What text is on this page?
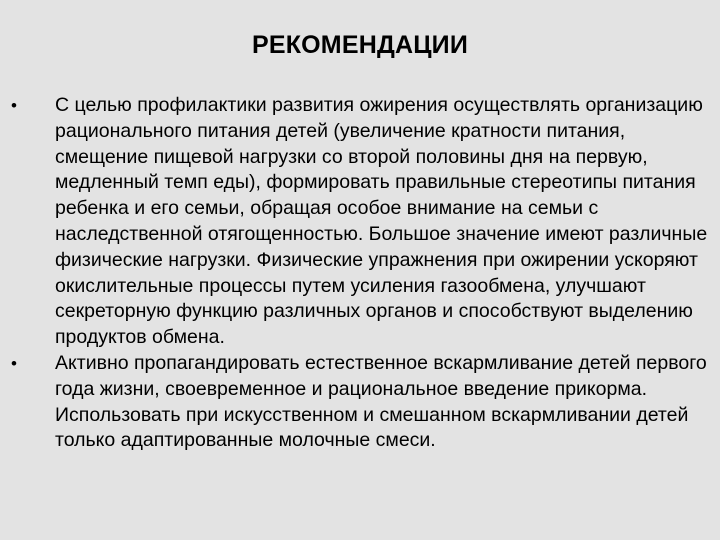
РЕКОМЕНДАЦИИ
• С целью профилактики развития ожирения осуществлять организацию рационального питания детей (увеличение кратности питания, смещение пищевой нагрузки со второй половины дня на первую, медленный темп еды), формировать правильные стереотипы питания ребенка и его семьи, обращая особое внимание на семьи с наследственной отягощенностью. Большое значение имеют различные физические нагрузки. Физические упражнения при ожирении ускоряют окислительные процессы путем усиления газообмена, улучшают секреторную функцию различных органов и способствуют выделению продуктов обмена.
• Активно пропагандировать естественное вскармливание детей первого года жизни, своевременное и рациональное введение прикорма. Использовать при искусственном и смешанном вскармливании детей только адаптированные молочные смеси.
